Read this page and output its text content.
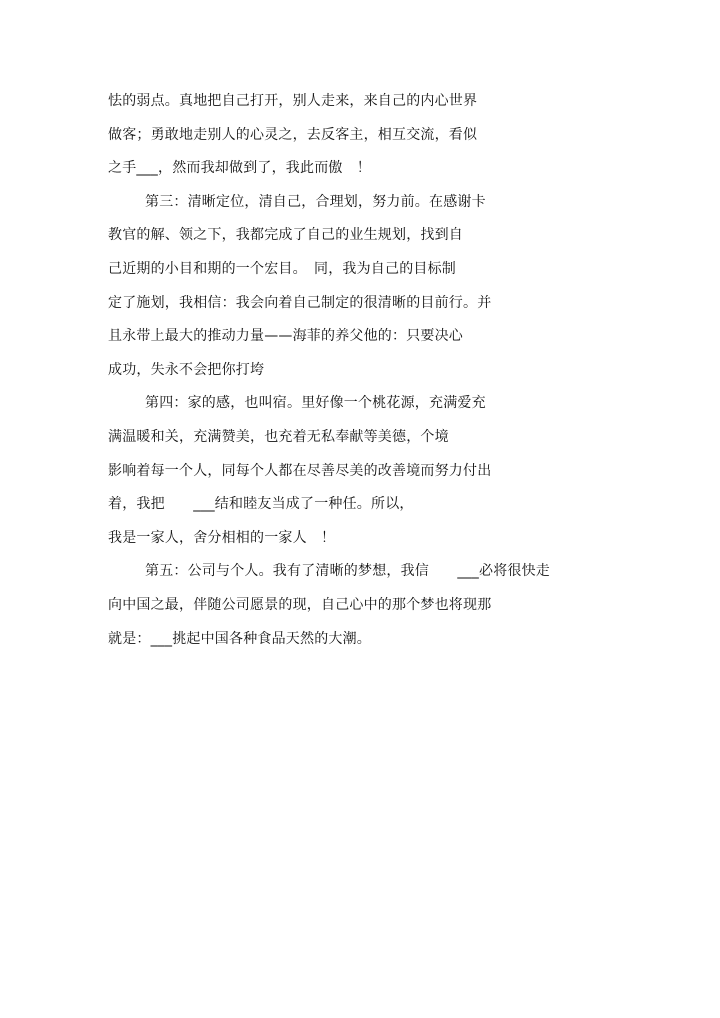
怯的弱点。真地把自己打开，别人走来，来自己的内心世界
做客；勇敢地走别人的心灵之，去反客主，相互交流，看似
之手___，然而我却做到了，我此而傲　！
第三：清晰定位，清自己，合理划，努力前。在感谢卡
教官的解、领之下，我都完成了自己的业生规划，找到自
己近期的小目和期的一个宏目。　同，我为自己的目标制
定了施划，我相信：我会向着自己制定的很清晰的目前行。并
且永带上最大的推动力量——海菲的养父他的：只要决心
成功，失永不会把你打垮
第四：家的感，也叫宿。里好像一个桃花源，充满爱充
满温暖和关，充满赞美，也充着无私奉献等美德，个境
影响着每一个人，同每个人都在尽善尽美的改善境而努力付出
着，我把　　___结和睦友当成了一种任。所以，
我是一家人，舍分相相的一家人　！
第五：公司与个人。我有了清晰的梦想，我信　　___必将很快走
向中国之最，伴随公司愿景的现，自己心中的那个梦也将现那
就是：___挑起中国各种食品天然的大潮。
